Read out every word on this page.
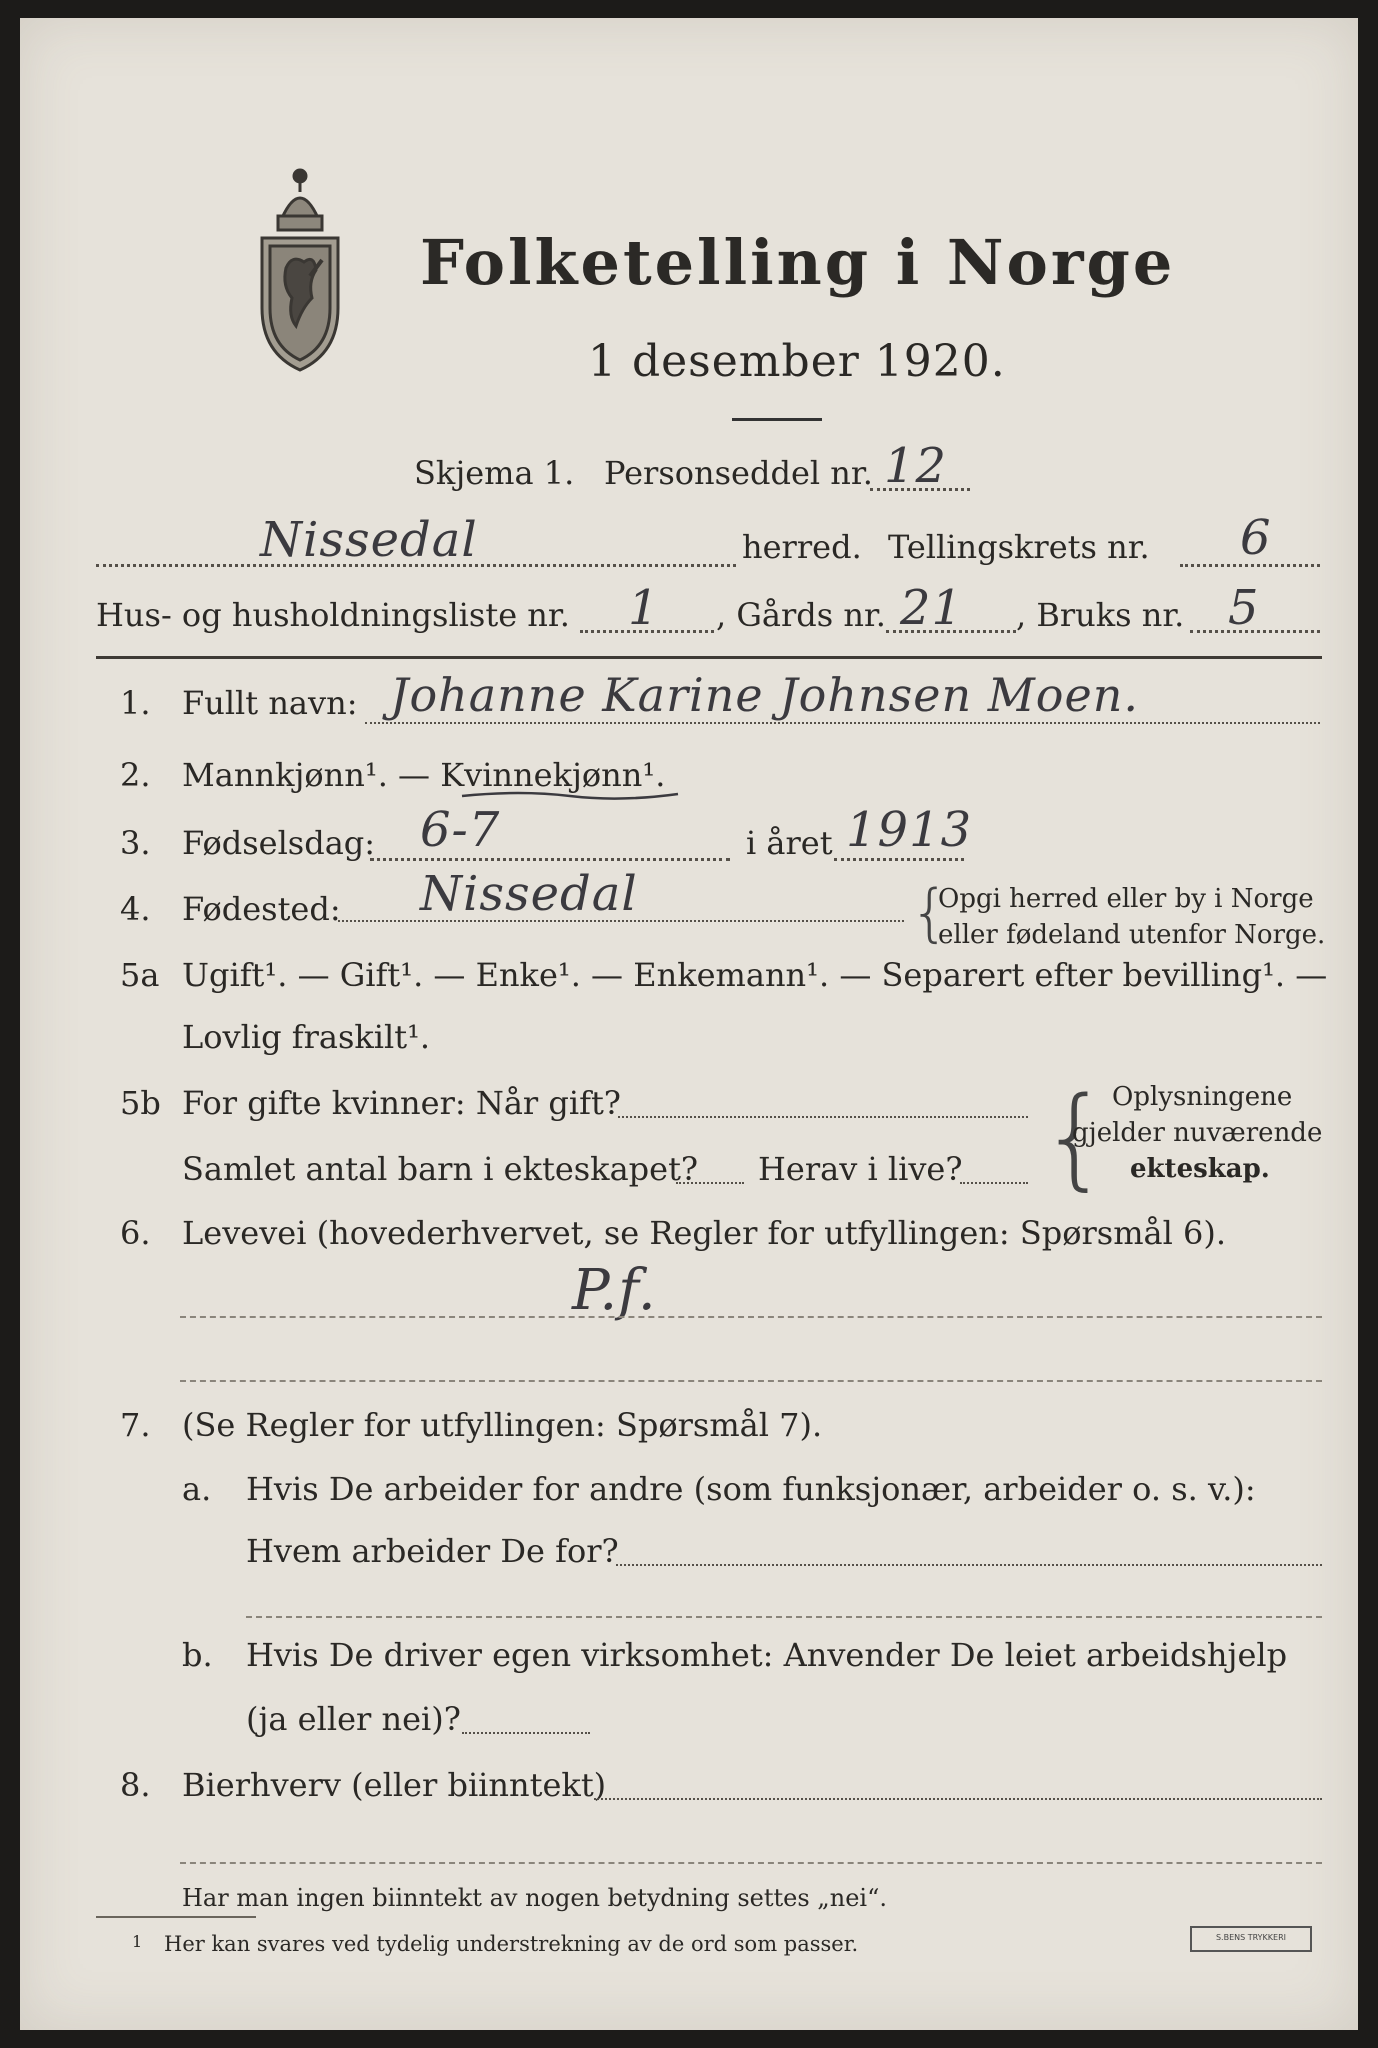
Folketelling i Norge
1 desember 1920.
Skjema 1. Personseddel nr. 12
Nissedal	herred. Tellingskrets nr. 6
Hus- og husholdningsliste nr. 1 , Gårds nr. 21 , Bruks nr. 5
1. Fullt navn: Johanne Karine Johnsen Moen.
2. Mannkjønn¹. — Kvinnekjønn¹.
3. Fødselsdag: 6-7	i året 1913
4. Fødested: Nissedal	{
Opgi herred eller by i Norge
eller fødeland utenfor Norge.
5a Ugift¹. — Gift¹. — Enke¹. — Enkemann¹. — Separert efter bevilling¹. —
Lovlig fraskilt¹.
5b For gifte kvinner: Når gift?
Samlet antal barn i ekteskapet? Herav i live? { Oplysningene
gjelder nuværende
ekteskap.
6. Levevei (hovederhvervet, se Regler for utfyllingen: Spørsmål 6).
P.f.
7. (Se Regler for utfyllingen: Spørsmål 7).
a. Hvis De arbeider for andre (som funksjonær, arbeider o. s. v.):
Hvem arbeider De for?
b. Hvis De driver egen virksomhet: Anvender De leiet arbeidshjelp
(ja eller nei)?
8. Bierhverv (eller biinntekt)
Har man ingen biinntekt av nogen betydning settes „nei“.
1 Her kan svares ved tydelig understrekning av de ord som passer.	S.BENS TRYKKERI
